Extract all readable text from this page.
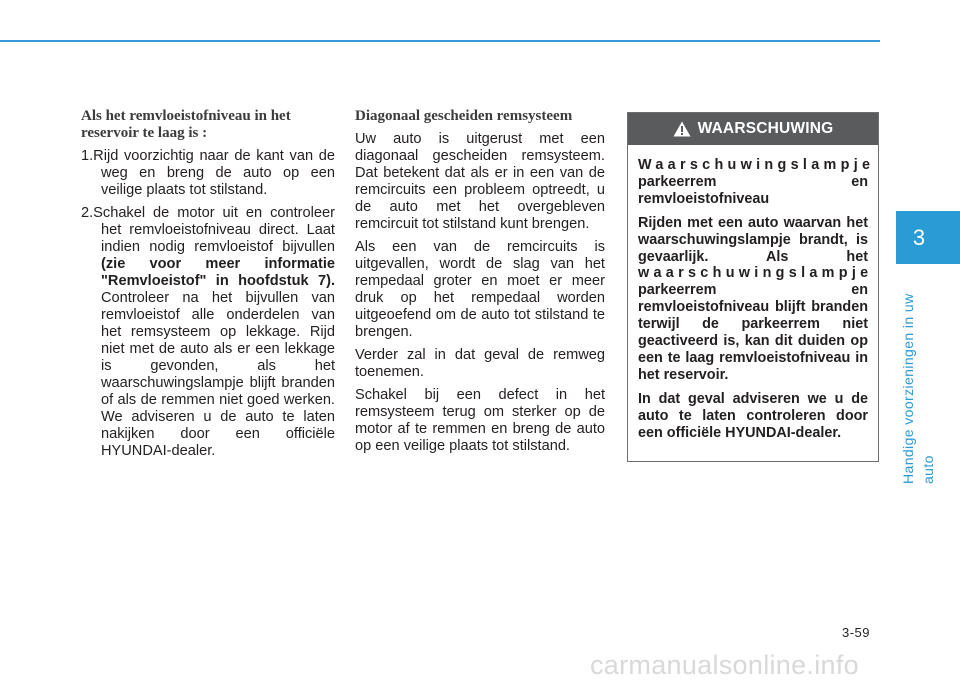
Als het remvloeistofniveau in het reservoir te laag is :
1.Rijd voorzichtig naar de kant van de weg en breng de auto op een veilige plaats tot stilstand.
2.Schakel de motor uit en controleer het remvloeistofniveau direct. Laat indien nodig remvloeistof bijvullen (zie voor meer informatie "Remvloeistof" in hoofdstuk 7). Controleer na het bijvullen van remvloeistof alle onderdelen van het remsysteem op lekkage. Rijd niet met de auto als er een lekkage is gevonden, als het waarschuwingslampje blijft branden of als de remmen niet goed werken. We adviseren u de auto te laten nakijken door een officiële HYUNDAI-dealer.
Diagonaal gescheiden remsysteem

Uw auto is uitgerust met een diagonaal gescheiden remsysteem. Dat betekent dat als er in een van de remcircuits een probleem optreedt, u de auto met het overgebleven remcircuit tot stilstand kunt brengen.

Als een van de remcircuits is uitgevallen, wordt de slag van het rempedaal groter en moet er meer druk op het rempedaal worden uitgeoefend om de auto tot stilstand te brengen.

Verder zal in dat geval de remweg toenemen.

Schakel bij een defect in het remsysteem terug om sterker op de motor af te remmen en breng de auto op een veilige plaats tot stilstand.

WAARSCHUWING

Waarschuwingslampje parkeerrem en remvloeistofniveau

Rijden met een auto waarvan het waarschuwingslampje brandt, is gevaarlijk. Als het waarschuwingslampje parkeerrem en remvloeistofniveau blijft branden terwijl de parkeerrem niet geactiveerd is, kan dit duiden op een te laag remvloeistofniveau in het reservoir.

In dat geval adviseren we u de auto te laten controleren door een officiële HYUNDAI-dealer.

3
Handige voorzieningen in uw auto
3-59
carmanualsonline.info
